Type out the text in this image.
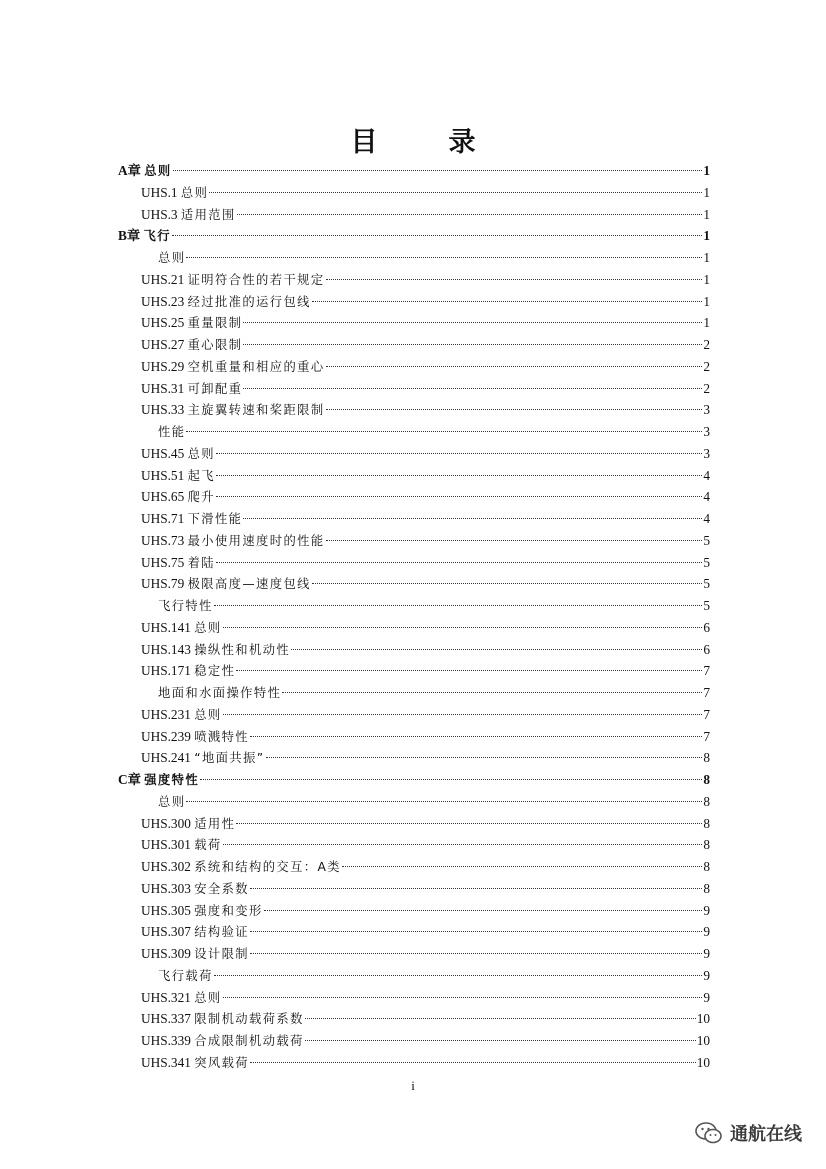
目　录
A章 总则	1
UHS.1 总则	1
UHS.3 适用范围	1
B章 飞行	1
总则	1
UHS.21 证明符合性的若干规定	1
UHS.23 经过批准的运行包线	1
UHS.25 重量限制	1
UHS.27 重心限制	2
UHS.29 空机重量和相应的重心	2
UHS.31 可卸配重	2
UHS.33 主旋翼转速和桨距限制	3
性能	3
UHS.45 总则	3
UHS.51 起飞	4
UHS.65 爬升	4
UHS.71 下滑性能	4
UHS.73 最小使用速度时的性能	5
UHS.75 着陆	5
UHS.79 极限高度—速度包线	5
飞行特性	5
UHS.141 总则	6
UHS.143 操纵性和机动性	6
UHS.171 稳定性	7
地面和水面操作特性	7
UHS.231 总则	7
UHS.239 喷溅特性	7
UHS.241 “地面共振”	8
C章 强度特性	8
总则	8
UHS.300 适用性	8
UHS.301 载荷	8
UHS.302 系统和结构的交互：A类	8
UHS.303 安全系数	8
UHS.305 强度和变形	9
UHS.307 结构验证	9
UHS.309 设计限制	9
飞行载荷	9
UHS.321 总则	9
UHS.337 限制机动载荷系数	10
UHS.339 合成限制机动载荷	10
UHS.341 突风载荷	10
i
通航在线
